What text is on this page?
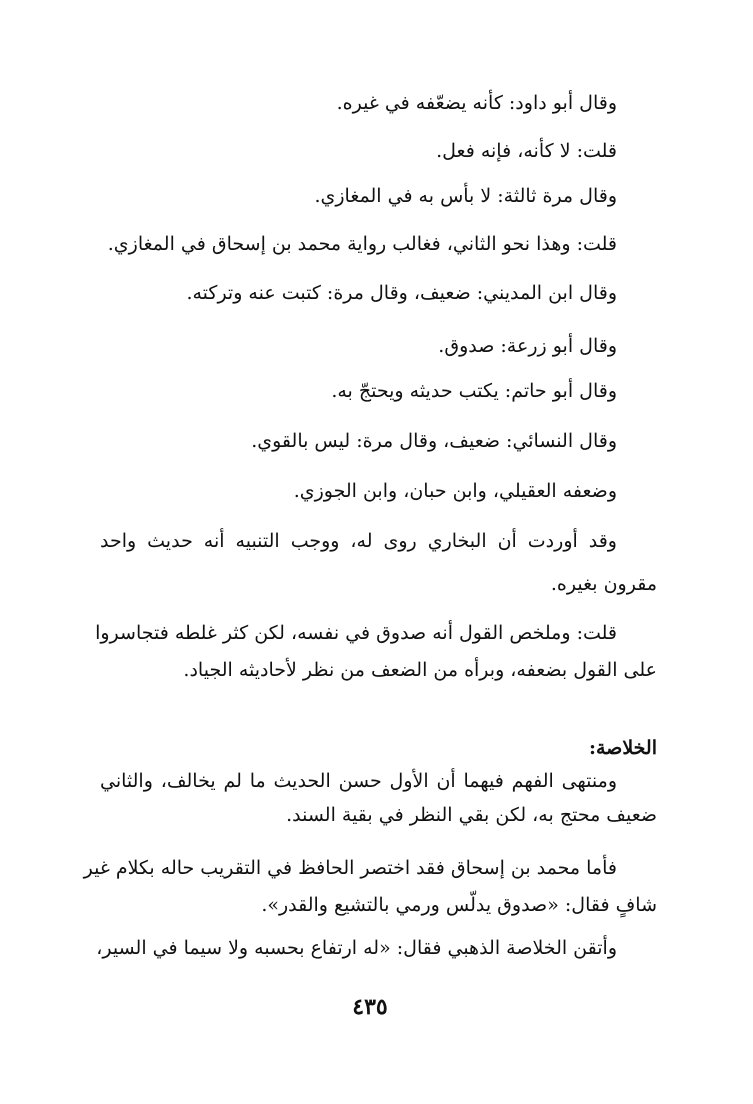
وقال أبو داود: كأنه يضعّفه في غيره.
قلت: لا كأنه، فإنه فعل.
وقال مرة ثالثة: لا بأس به في المغازي.
قلت: وهذا نحو الثاني، فغالب رواية محمد بن إسحاق في المغازي.
وقال ابن المديني: ضعيف، وقال مرة: كتبت عنه وتركته.
وقال أبو زرعة: صدوق.
وقال أبو حاتم: يكتب حديثه ويحتجّ به.
وقال النسائي: ضعيف، وقال مرة: ليس بالقوي.
وضعفه العقيلي، وابن حبان، وابن الجوزي.
وقد أوردت أن البخاري روى له، ووجب التنبيه أنه حديث واحد
مقرون بغيره.
قلت: وملخص القول أنه صدوق في نفسه، لكن كثر غلطه فتجاسروا
على القول بضعفه، وبرأه من الضعف من نظر لأحاديثه الجياد.
الخلاصة:
ومنتهى الفهم فيهما أن الأول حسن الحديث ما لم يخالف، والثاني
ضعيف محتج به، لكن بقي النظر في بقية السند.
فأما محمد بن إسحاق فقد اختصر الحافظ في التقريب حاله بكلام غير
شافٍ فقال: «صدوق يدلّس ورمي بالتشيع والقدر».
وأتقن الخلاصة الذهبي فقال: «له ارتفاع بحسبه ولا سيما في السير،
٤٣٥
